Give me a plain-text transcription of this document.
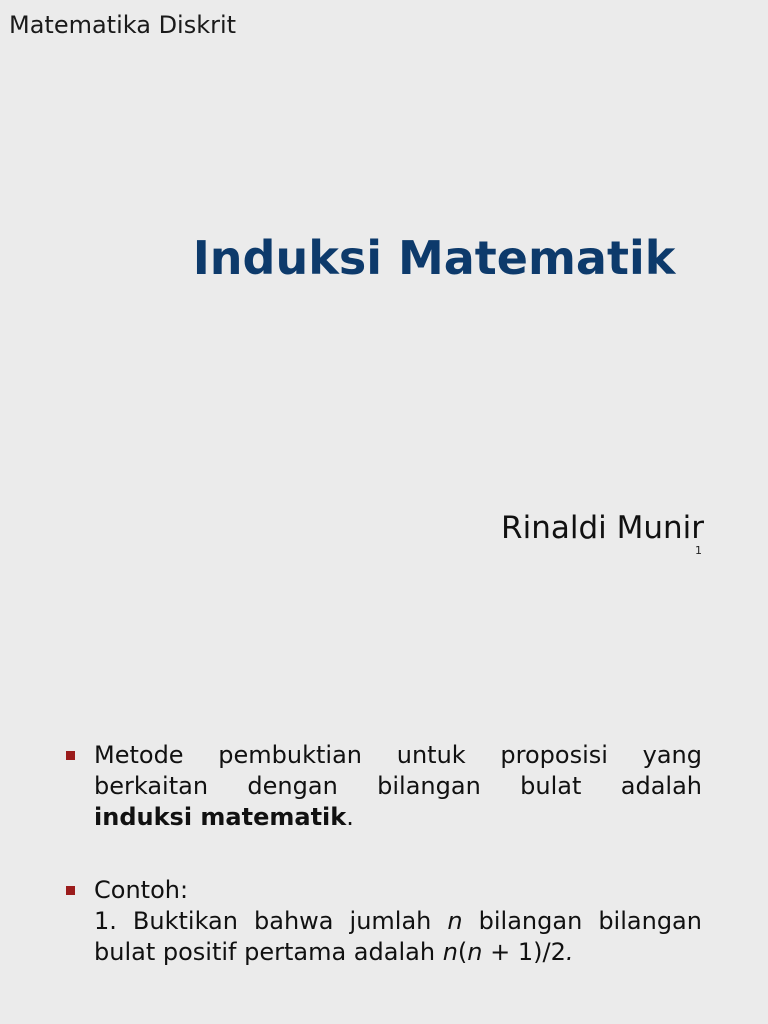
Matematika Diskrit
Induksi Matematik
Rinaldi Munir
1
Metode pembuktian untuk proposisi yang
berkaitan dengan bilangan bulat adalah
induksi matematik.
Contoh:
1. Buktikan bahwa jumlah n bilangan bilangan
bulat positif pertama adalah n(n + 1)/2.
